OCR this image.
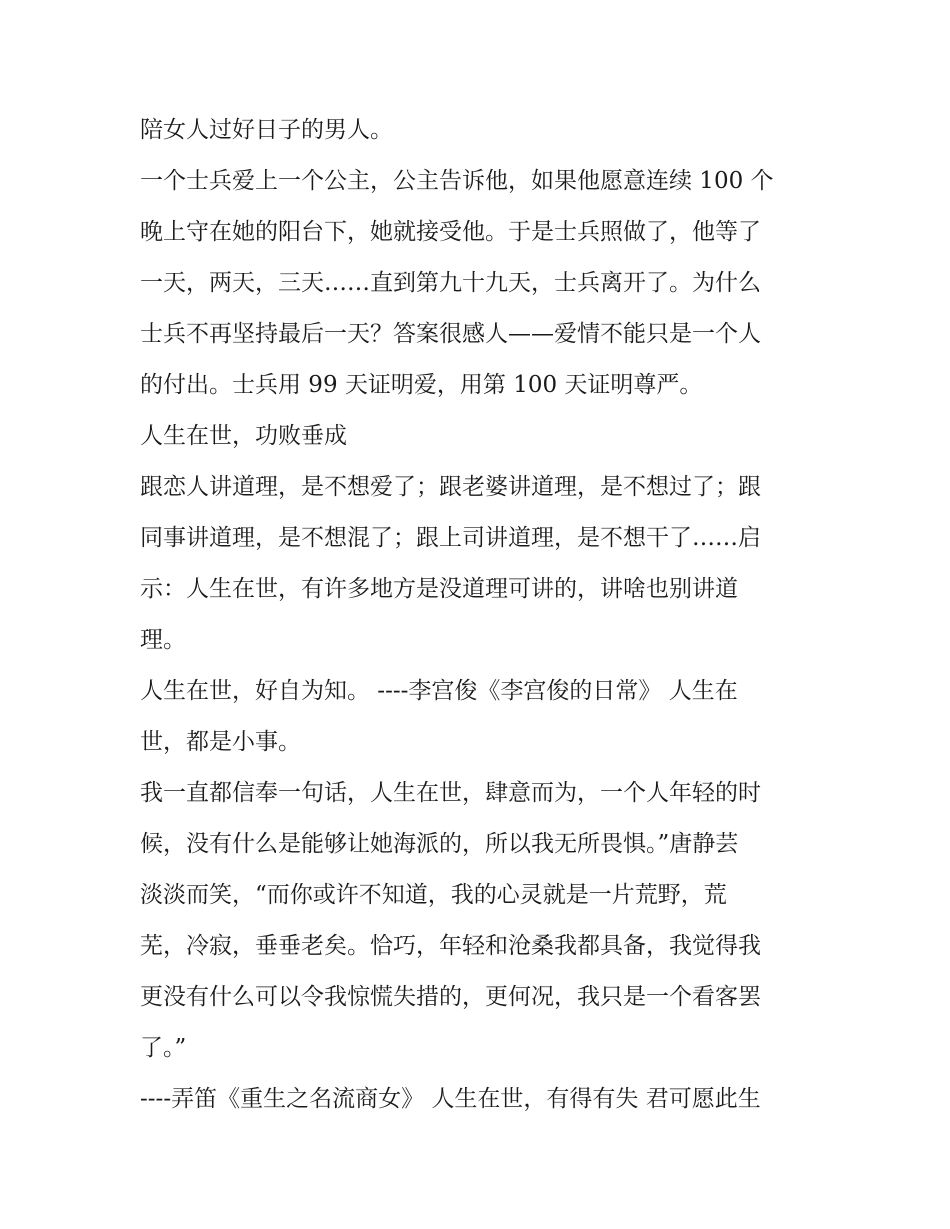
陪女人过好日子的男人。
一个士兵爱上一个公主，公主告诉他，如果他愿意连续 100 个
晚上守在她的阳台下，她就接受他。于是士兵照做了，他等了
一天，两天，三天……直到第九十九天，士兵离开了。为什么
士兵不再坚持最后一天？答案很感人——爱情不能只是一个人
的付出。士兵用 99 天证明爱，用第 100 天证明尊严。
人生在世，功败垂成
跟恋人讲道理，是不想爱了；跟老婆讲道理，是不想过了；跟
同事讲道理，是不想混了；跟上司讲道理，是不想干了……启
示：人生在世，有许多地方是没道理可讲的，讲啥也别讲道
理。
人生在世，好自为知。 ----李宫俊《李宫俊的日常》 人生在
世，都是小事。
我一直都信奉一句话，人生在世，肆意而为，一个人年轻的时
候，没有什么是能够让她海派的，所以我无所畏惧。”唐静芸
淡淡而笑，“而你或许不知道，我的心灵就是一片荒野，荒
芜，冷寂，垂垂老矣。恰巧，年轻和沧桑我都具备，我觉得我
更没有什么可以令我惊慌失措的，更何况，我只是一个看客罢
了。”
----弄笛《重生之名流商女》 人生在世，有得有失 君可愿此生
